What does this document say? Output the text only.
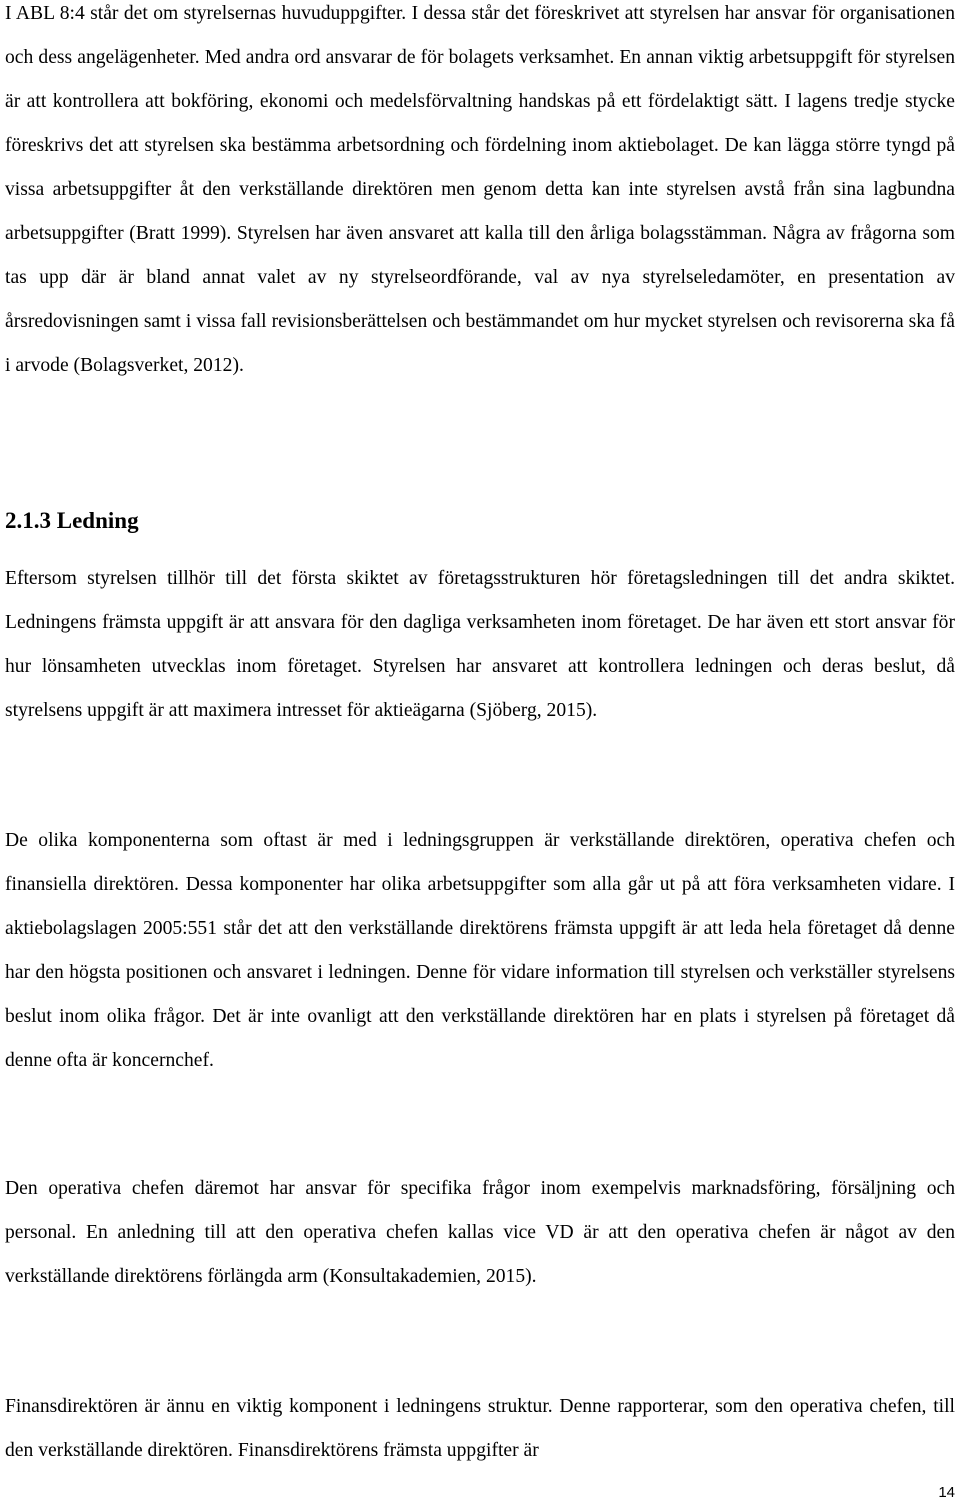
I ABL 8:4 står det om styrelsernas huvuduppgifter. I dessa står det föreskrivet att styrelsen har ansvar för organisationen och dess angelägenheter. Med andra ord ansvarar de för bolagets verksamhet. En annan viktig arbetsuppgift för styrelsen är att kontrollera att bokföring, ekonomi och medelsförvaltning handskas på ett fördelaktigt sätt. I lagens tredje stycke föreskrivs det att styrelsen ska bestämma arbetsordning och fördelning inom aktiebolaget. De kan lägga större tyngd på vissa arbetsuppgifter åt den verkställande direktören men genom detta kan inte styrelsen avstå från sina lagbundna arbetsuppgifter (Bratt 1999). Styrelsen har även ansvaret att kalla till den årliga bolagsstämman. Några av frågorna som tas upp där är bland annat valet av ny styrelseordförande, val av nya styrelseledamöter, en presentation av årsredovisningen samt i vissa fall revisionsberättelsen och bestämmandet om hur mycket styrelsen och revisorerna ska få i arvode (Bolagsverket, 2012).

2.1.3 Ledning

Eftersom styrelsen tillhör till det första skiktet av företagsstrukturen hör företagsledningen till det andra skiktet. Ledningens främsta uppgift är att ansvara för den dagliga verksamheten inom företaget. De har även ett stort ansvar för hur lönsamheten utvecklas inom företaget. Styrelsen har ansvaret att kontrollera ledningen och deras beslut, då styrelsens uppgift är att maximera intresset för aktieägarna (Sjöberg, 2015).

De olika komponenterna som oftast är med i ledningsgruppen är verkställande direktören, operativa chefen och finansiella direktören. Dessa komponenter har olika arbetsuppgifter som alla går ut på att föra verksamheten vidare. I aktiebolagslagen 2005:551 står det att den verkställande direktörens främsta uppgift är att leda hela företaget då denne har den högsta positionen och ansvaret i ledningen. Denne för vidare information till styrelsen och verkställer styrelsens beslut inom olika frågor. Det är inte ovanligt att den verkställande direktören har en plats i styrelsen på företaget då denne ofta är koncernchef.

Den operativa chefen däremot har ansvar för specifika frågor inom exempelvis marknadsföring, försäljning och personal. En anledning till att den operativa chefen kallas vice VD är att den operativa chefen är något av den verkställande direktörens förlängda arm (Konsultakademien, 2015).

Finansdirektören är ännu en viktig komponent i ledningens struktur. Denne rapporterar, som den operativa chefen, till den verkställande direktören. Finansdirektörens främsta uppgifter är

14
